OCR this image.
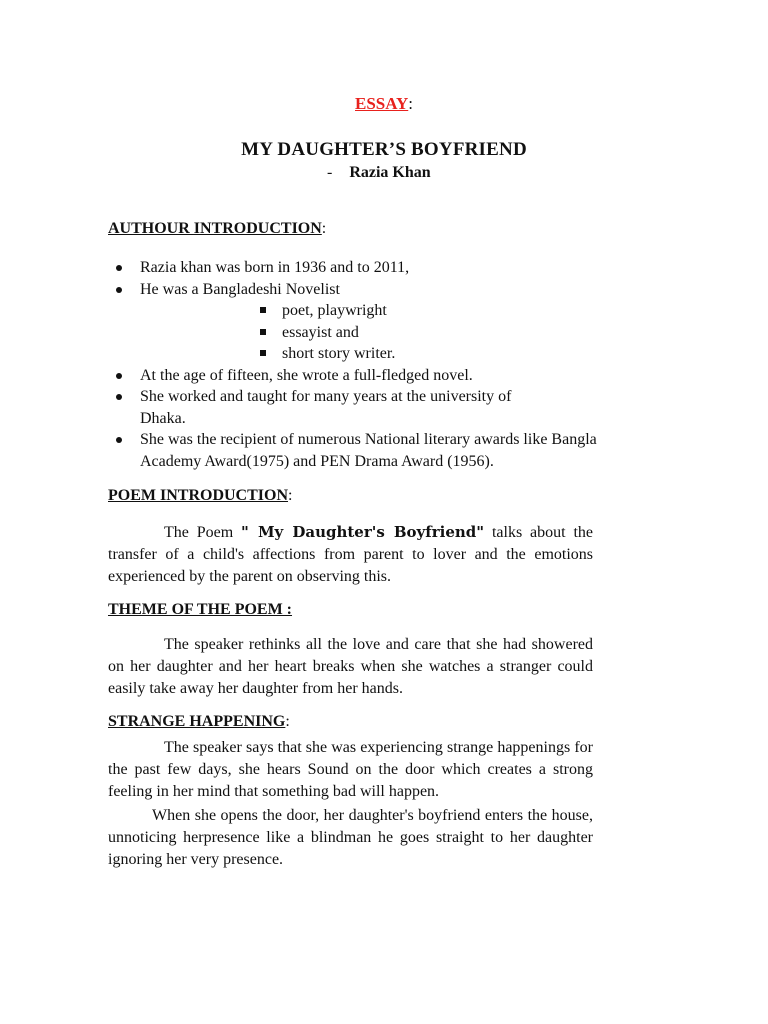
ESSAY:
MY DAUGHTER’S BOYFRIEND
- Razia Khan
AUTHOUR INTRODUCTION:
Razia khan was born in 1936 and to 2011,
He was a Bangladeshi Novelist
poet, playwright
essayist and
short story writer.
At the age of fifteen, she wrote a full-fledged novel.
She worked and taught for many years at the university of Dhaka.
She was the recipient of numerous National literary awards like Bangla Academy Award(1975) and PEN Drama Award (1956).
POEM INTRODUCTION:
The Poem " My Daughter's Boyfriend" talks about the transfer of a child's affections from parent to lover and the emotions experienced by the parent on observing this.
THEME OF THE POEM :
The speaker rethinks all the love and care that she had showered on her daughter and her heart breaks when she watches a stranger could easily take away her daughter from her hands.
STRANGE HAPPENING:
The speaker says that she was experiencing strange happenings for the past few days, she hears Sound on the door which creates a strong feeling in her mind that something bad will happen.
When she opens the door, her daughter's boyfriend enters the house, unnoticing herpresence like a blindman he goes straight to her daughter ignoring her very presence.
